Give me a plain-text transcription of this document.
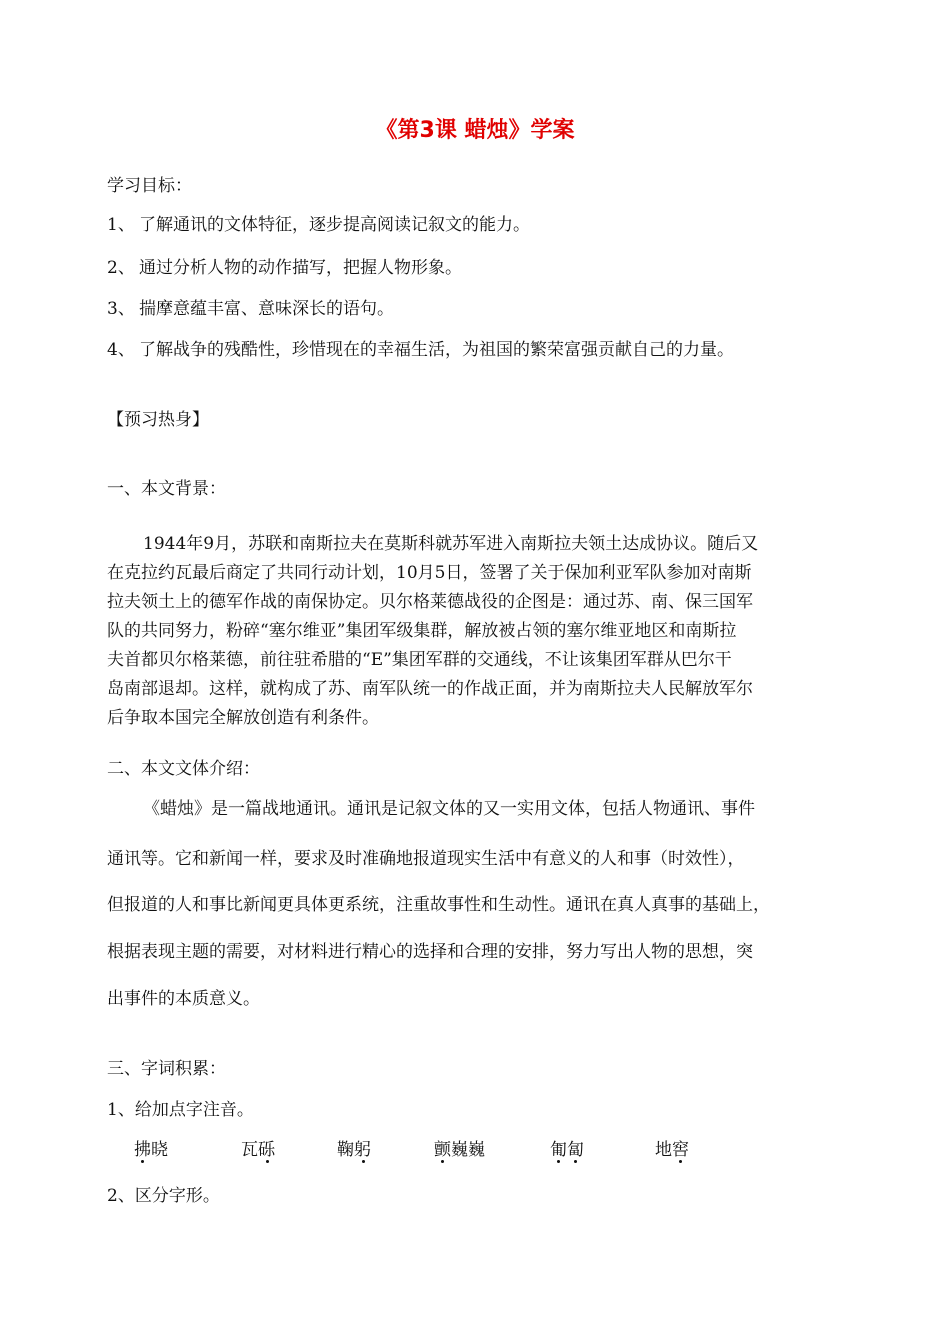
《第3课 蜡烛》学案

学习目标：

1、 了解通讯的文体特征，逐步提高阅读记叙文的能力。
2、 通过分析人物的动作描写，把握人物形象。
3、 揣摩意蕴丰富、意味深长的语句。
4、 了解战争的残酷性，珍惜现在的幸福生活，为祖国的繁荣富强贡献自己的力量。

【预习热身】

一、本文背景：

1944年9月，苏联和南斯拉夫在莫斯科就苏军进入南斯拉夫领土达成协议。随后又

在克拉约瓦最后商定了共同行动计划，10月5日，签署了关于保加利亚军队参加对南斯

拉夫领土上的德军作战的南保协定。贝尔格莱德战役的企图是：通过苏、南、保三国军

队的共同努力，粉碎“塞尔维亚”集团军级集群，解放被占领的塞尔维亚地区和南斯拉

夫首都贝尔格莱德，前往驻希腊的“E”集团军群的交通线，不让该集团军群从巴尔干

岛南部退却。这样，就构成了苏、南军队统一的作战正面，并为南斯拉夫人民解放军尔

后争取本国完全解放创造有利条件。

二、本文文体介绍：

《蜡烛》是一篇战地通讯。通讯是记叙文体的又一实用文体，包括人物通讯、事件

通讯等。它和新闻一样，要求及时准确地报道现实生活中有意义的人和事（时效性），

但报道的人和事比新闻更具体更系统，注重故事性和生动性。通讯在真人真事的基础上，

根据表现主题的需要，对材料进行精心的选择和合理的安排，努力写出人物的思想，突

出事件的本质意义。

三、字词积累：

1、给加点字注音。

拂晓	瓦砾	鞠躬	颤巍巍	匍匐	地窖

2、区分字形。
